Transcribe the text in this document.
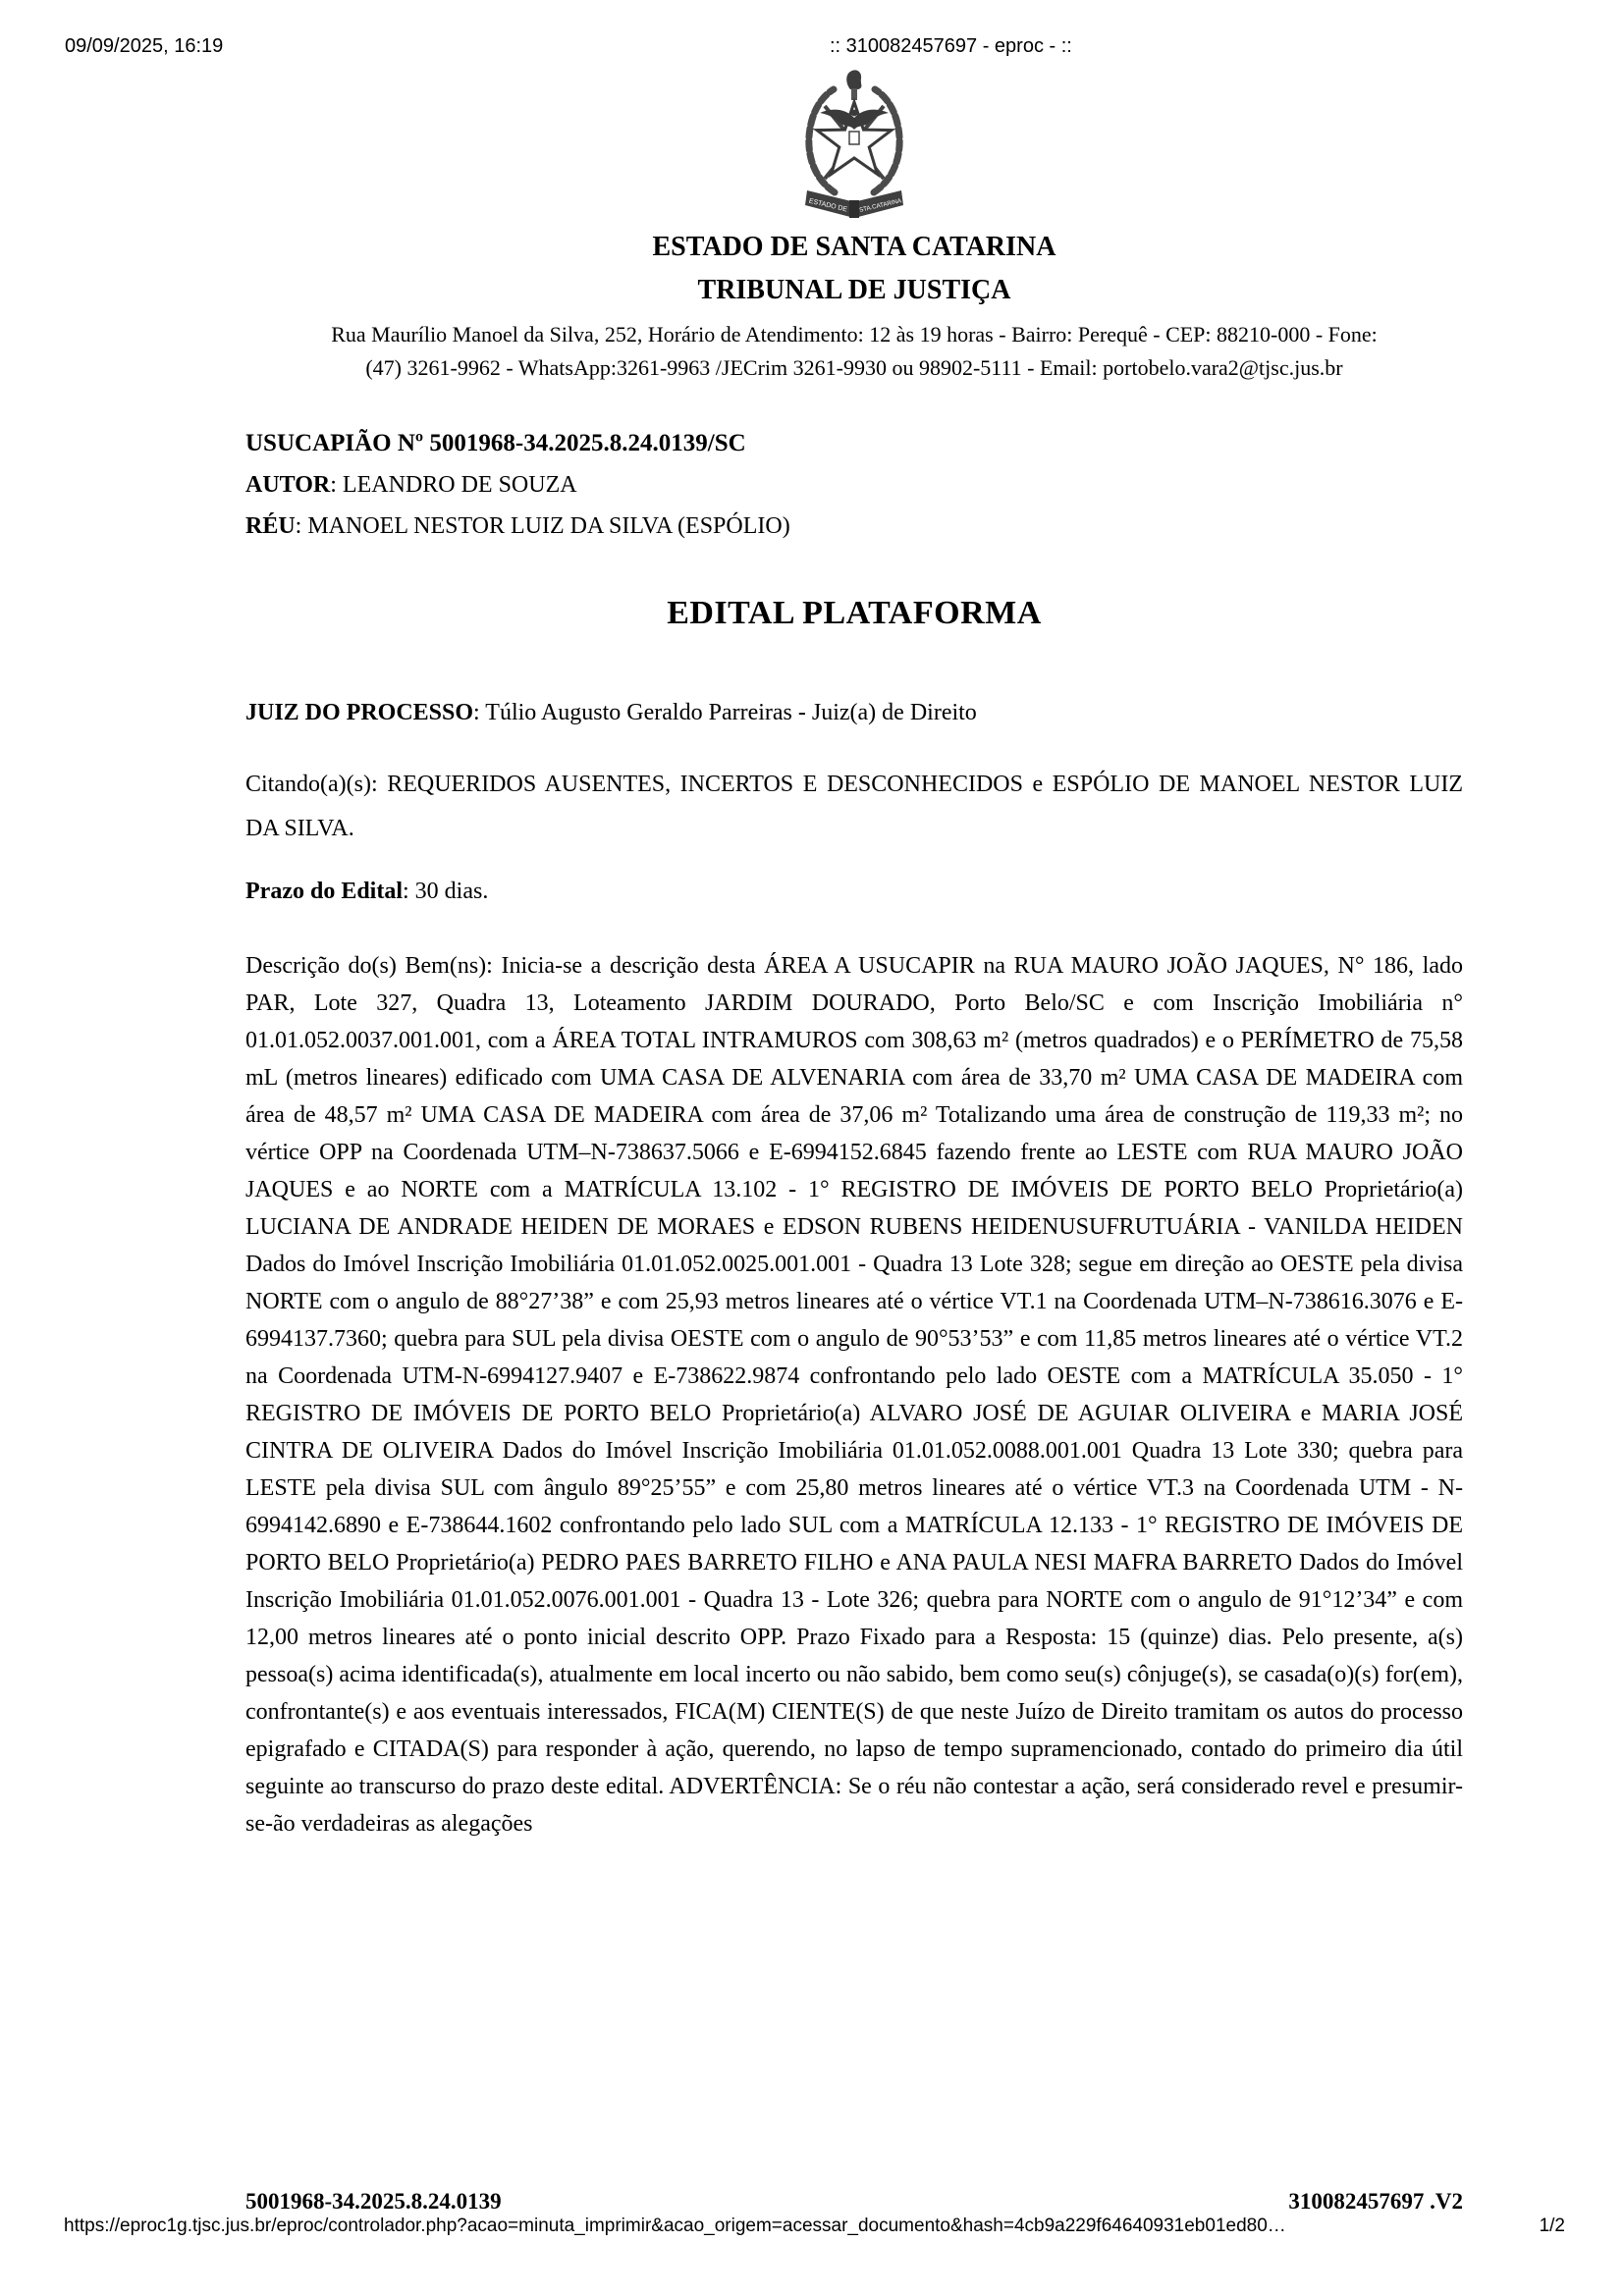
09/09/2025, 16:19	:: 310082457697 - eproc - ::
ESTADO DE STA.CATARINA
ESTADO DE SANTA CATARINA
TRIBUNAL DE JUSTIÇA
Rua Maurílio Manoel da Silva, 252, Horário de Atendimento: 12 às 19 horas - Bairro: Perequê - CEP: 88210-000 - Fone:
(47) 3261-9962 - WhatsApp:3261-9963 /JECrim 3261-9930 ou 98902-5111 - Email: portobelo.vara2@tjsc.jus.br
USUCAPIÃO Nº 5001968-34.2025.8.24.0139/SC
AUTOR: LEANDRO DE SOUZA
RÉU: MANOEL NESTOR LUIZ DA SILVA (ESPÓLIO)
EDITAL PLATAFORMA
JUIZ DO PROCESSO: Túlio Augusto Geraldo Parreiras - Juiz(a) de Direito
Citando(a)(s): REQUERIDOS AUSENTES, INCERTOS E DESCONHECIDOS e ESPÓLIO DE MANOEL NESTOR LUIZ DA SILVA.
Prazo do Edital: 30 dias.
Descrição do(s) Bem(ns): Inicia-se a descrição desta ÁREA A USUCAPIR na RUA MAURO JOÃO JAQUES, N° 186, lado PAR, Lote 327, Quadra 13, Loteamento JARDIM DOURADO, Porto Belo/SC e com Inscrição Imobiliária n° 01.01.052.0037.001.001, com a ÁREA TOTAL INTRAMUROS com 308,63 m² (metros quadrados) e o PERÍMETRO de 75,58 mL (metros lineares) edificado com UMA CASA DE ALVENARIA com área de 33,70 m² UMA CASA DE MADEIRA com área de 48,57 m² UMA CASA DE MADEIRA com área de 37,06 m² Totalizando uma área de construção de 119,33 m²; no vértice OPP na Coordenada UTM–N-738637.5066 e E-6994152.6845 fazendo frente ao LESTE com RUA MAURO JOÃO JAQUES e ao NORTE com a MATRÍCULA 13.102 - 1° REGISTRO DE IMÓVEIS DE PORTO BELO Proprietário(a) LUCIANA DE ANDRADE HEIDEN DE MORAES e EDSON RUBENS HEIDENUSUFRUTUÁRIA - VANILDA HEIDEN Dados do Imóvel Inscrição Imobiliária 01.01.052.0025.001.001 - Quadra 13 Lote 328; segue em direção ao OESTE pela divisa NORTE com o angulo de 88°27’38” e com 25,93 metros lineares até o vértice VT.1 na Coordenada UTM–N-738616.3076 e E-6994137.7360; quebra para SUL pela divisa OESTE com o angulo de 90°53’53” e com 11,85 metros lineares até o vértice VT.2 na Coordenada UTM-N-6994127.9407 e E-738622.9874 confrontando pelo lado OESTE com a MATRÍCULA 35.050 - 1° REGISTRO DE IMÓVEIS DE PORTO BELO Proprietário(a) ALVARO JOSÉ DE AGUIAR OLIVEIRA e MARIA JOSÉ CINTRA DE OLIVEIRA Dados do Imóvel Inscrição Imobiliária 01.01.052.0088.001.001 Quadra 13 Lote 330; quebra para LESTE pela divisa SUL com ângulo 89°25’55” e com 25,80 metros lineares até o vértice VT.3 na Coordenada UTM - N-6994142.6890 e E-738644.1602 confrontando pelo lado SUL com a MATRÍCULA 12.133 - 1° REGISTRO DE IMÓVEIS DE PORTO BELO Proprietário(a) PEDRO PAES BARRETO FILHO e ANA PAULA NESI MAFRA BARRETO Dados do Imóvel Inscrição Imobiliária 01.01.052.0076.001.001 - Quadra 13 - Lote 326; quebra para NORTE com o angulo de 91°12’34” e com 12,00 metros lineares até o ponto inicial descrito OPP. Prazo Fixado para a Resposta: 15 (quinze) dias. Pelo presente, a(s) pessoa(s) acima identificada(s), atualmente em local incerto ou não sabido, bem como seu(s) cônjuge(s), se casada(o)(s) for(em), confrontante(s) e aos eventuais interessados, FICA(M) CIENTE(S) de que neste Juízo de Direito tramitam os autos do processo epigrafado e CITADA(S) para responder à ação, querendo, no lapso de tempo supramencionado, contado do primeiro dia útil seguinte ao transcurso do prazo deste edital. ADVERTÊNCIA: Se o réu não contestar a ação, será considerado revel e presumir-se-ão verdadeiras as alegações
5001968-34.2025.8.24.0139	310082457697 .V2
https://eproc1g.tjsc.jus.br/eproc/controlador.php?acao=minuta_imprimir&acao_origem=acessar_documento&hash=4cb9a229f64640931eb01ed80…	1/2
